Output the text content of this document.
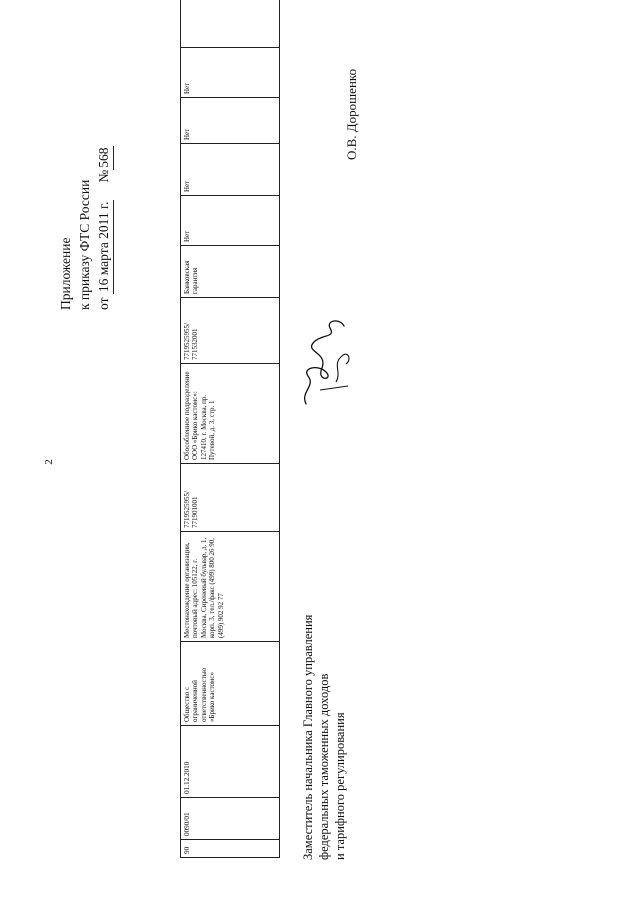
2
Приложение к приказу ФТС России от 16 марта 2011 г.     №568
90	0090/01	01.12.2010	Общество с ограниченной ответственностью «Брико кастомс»	Местонахождение организации, почтовый адрес: 105122, г. Москва, Сиреневый бульвар, д. 1, корп. 3, тел./факс (499) 800 26 90, (499) 902 92 77	7719525955/ 771901001	Обособленное подразделение ООО «Брико кастомс»: 127410, г. Москва, пр. Путевой, д. 3, стр. 1	7719525955/ 771532001	Банковская гарантия	Нет	Нет	Нет	Нет	
Заместитель начальника Главного управления федеральных таможенных доходов и тарифного регулирования
О.В. Дорошенко
